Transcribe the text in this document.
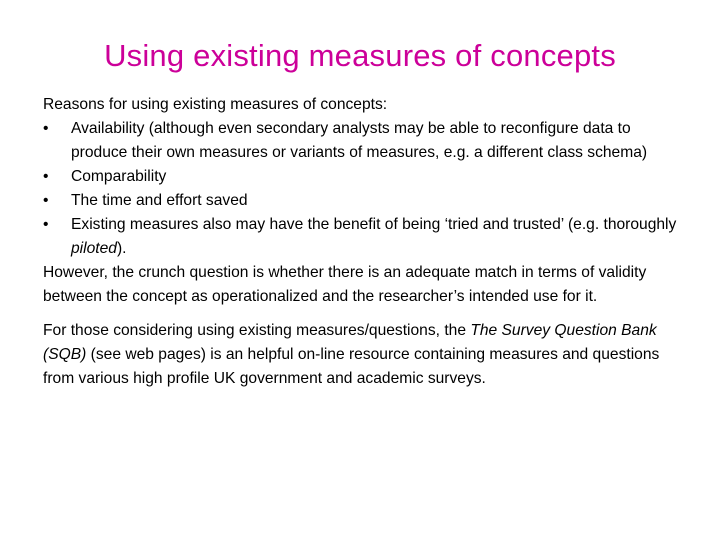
Using existing measures of concepts

Reasons for using existing measures of concepts:

•	Availability (although even secondary analysts may be able to reconfigure data to produce their own measures or variants of measures, e.g. a different class schema)
•	Comparability
•	The time and effort saved
•	Existing measures also may have the benefit of being ‘tried and trusted’ (e.g. thoroughly piloted).

However, the crunch question is whether there is an adequate match in terms of validity between the concept as operationalized and the researcher’s intended use for it.

For those considering using existing measures/questions, the The Survey Question Bank (SQB) (see web pages) is an helpful on-line resource containing measures and questions from various high profile UK government and academic surveys.
